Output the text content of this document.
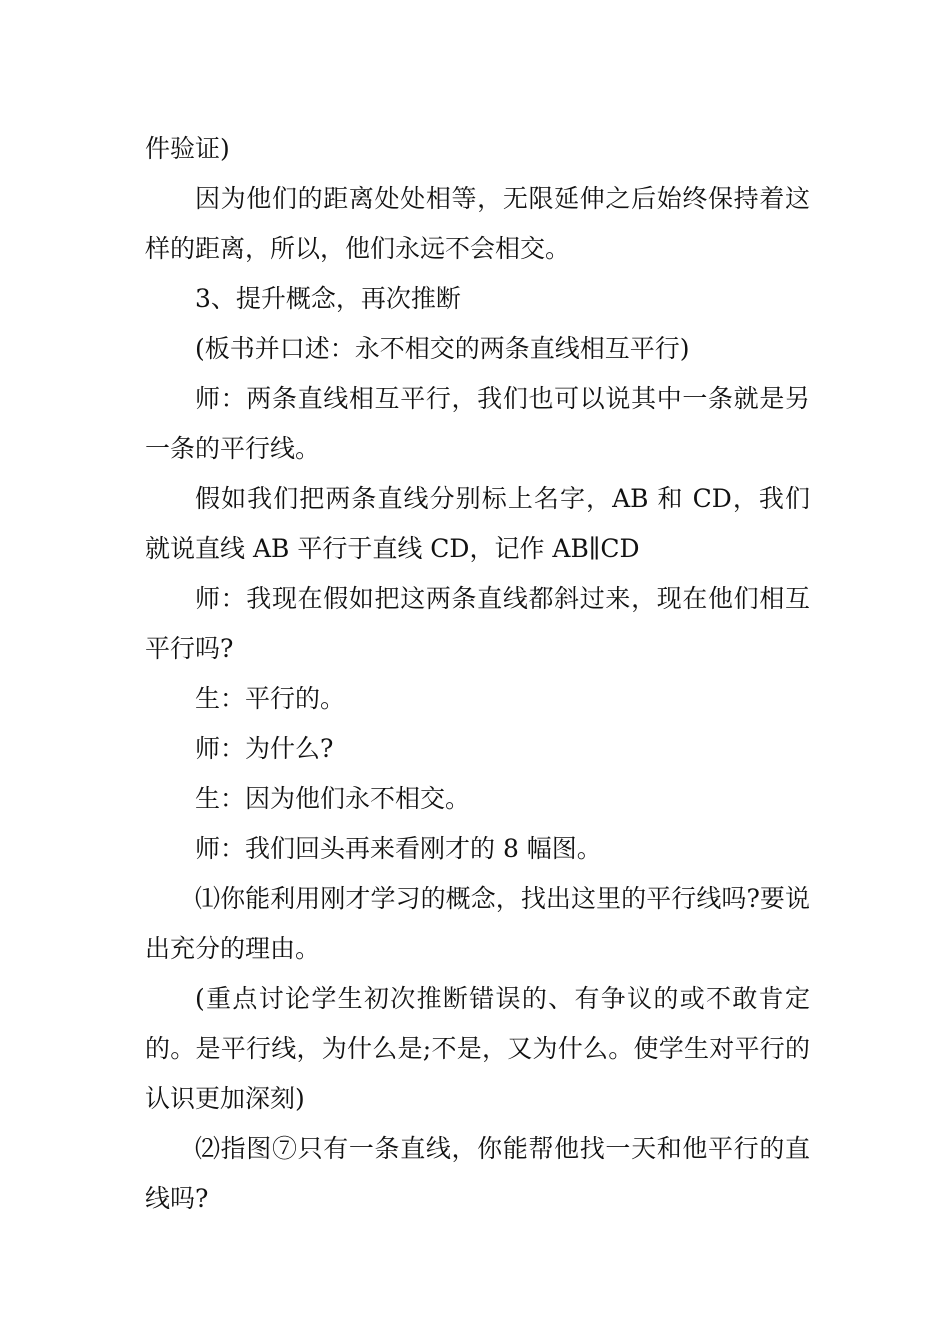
件验证)

因为他们的距离处处相等，无限延伸之后始终保持着这样的距离，所以，他们永远不会相交。

3、提升概念，再次推断

(板书并口述：永不相交的两条直线相互平行)

师：两条直线相互平行，我们也可以说其中一条就是另一条的平行线。

假如我们把两条直线分别标上名字，AB 和 CD，我们就说直线 AB 平行于直线 CD，记作 AB∥CD

师：我现在假如把这两条直线都斜过来，现在他们相互平行吗?

生：平行的。

师：为什么?

生：因为他们永不相交。

师：我们回头再来看刚才的 8 幅图。

⑴你能利用刚才学习的概念，找出这里的平行线吗?要说出充分的理由。

(重点讨论学生初次推断错误的、有争议的或不敢肯定的。是平行线，为什么是;不是，又为什么。使学生对平行的认识更加深刻)

⑵指图⑦只有一条直线，你能帮他找一天和他平行的直线吗?
